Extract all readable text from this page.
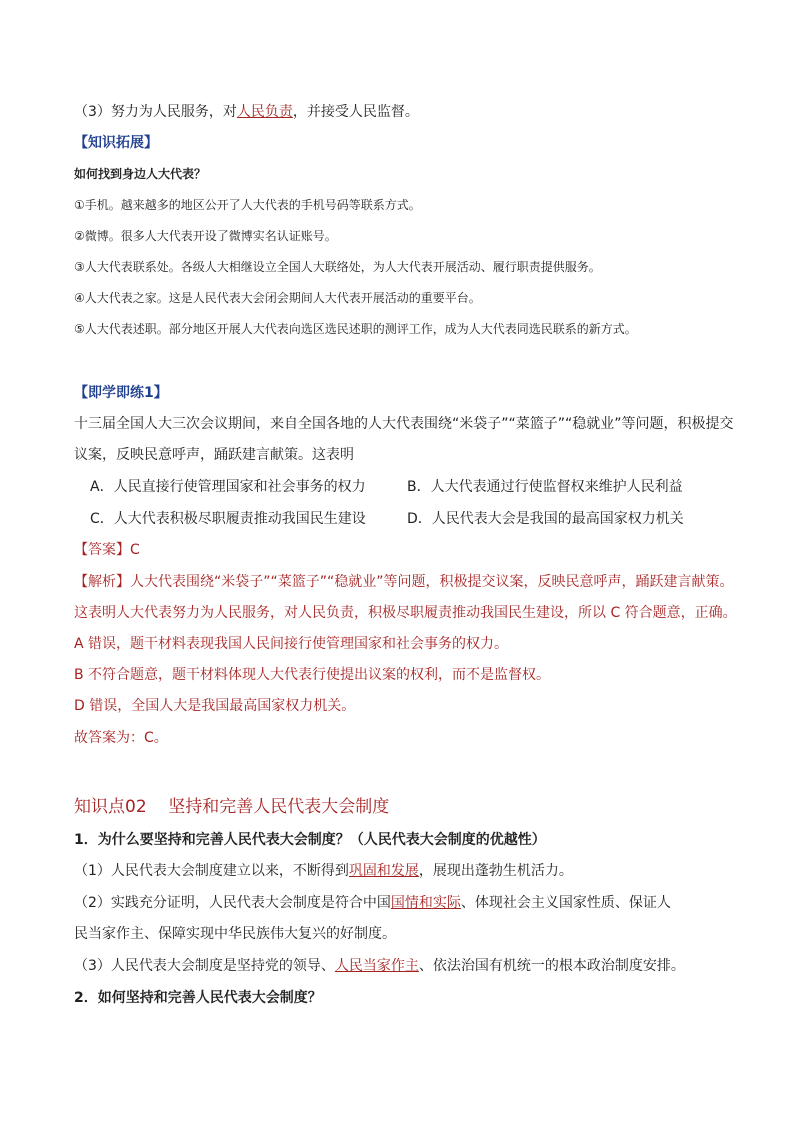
（3）努力为人民服务，对人民负责，并接受人民监督。
【知识拓展】
如何找到身边人大代表？
①手机。越来越多的地区公开了人大代表的手机号码等联系方式。
②微博。很多人大代表开设了微博实名认证账号。
③人大代表联系处。各级人大相继设立全国人大联络处，为人大代表开展活动、履行职责提供服务。
④人大代表之家。这是人民代表大会闭会期间人大代表开展活动的重要平台。
⑤人大代表述职。部分地区开展人大代表向选区选民述职的测评工作，成为人大代表同选民联系的新方式。
【即学即练1】
十三届全国人大三次会议期间，来自全国各地的人大代表围绕“米袋子”“菜篮子”“稳就业”等问题，积极提交
议案，反映民意呼声，踊跃建言献策。这表明
A．人民直接行使管理国家和社会事务的权力	B．人大代表通过行使监督权来维护人民利益
C．人大代表积极尽职履责推动我国民生建设	D．人民代表大会是我国的最高国家权力机关
【答案】C
【解析】人大代表围绕“米袋子”“菜篮子”“稳就业”等问题，积极提交议案，反映民意呼声，踊跃建言献策。
这表明人大代表努力为人民服务，对人民负责，积极尽职履责推动我国民生建设，所以 C 符合题意，正确。
A 错误，题干材料表现我国人民间接行使管理国家和社会事务的权力。
B 不符合题意，题干材料体现人大代表行使提出议案的权利，而不是监督权。
D 错误，全国人大是我国最高国家权力机关。
故答案为：C。
知识点02    坚持和完善人民代表大会制度
1．为什么要坚持和完善人民代表大会制度？（人民代表大会制度的优越性）
（1）人民代表大会制度建立以来，不断得到巩固和发展，展现出蓬勃生机活力。
（2）实践充分证明，人民代表大会制度是符合中国国情和实际、体现社会主义国家性质、保证人
民当家作主、保障实现中华民族伟大复兴的好制度。
（3）人民代表大会制度是坚持党的领导、人民当家作主、依法治国有机统一的根本政治制度安排。
2．如何坚持和完善人民代表大会制度？
